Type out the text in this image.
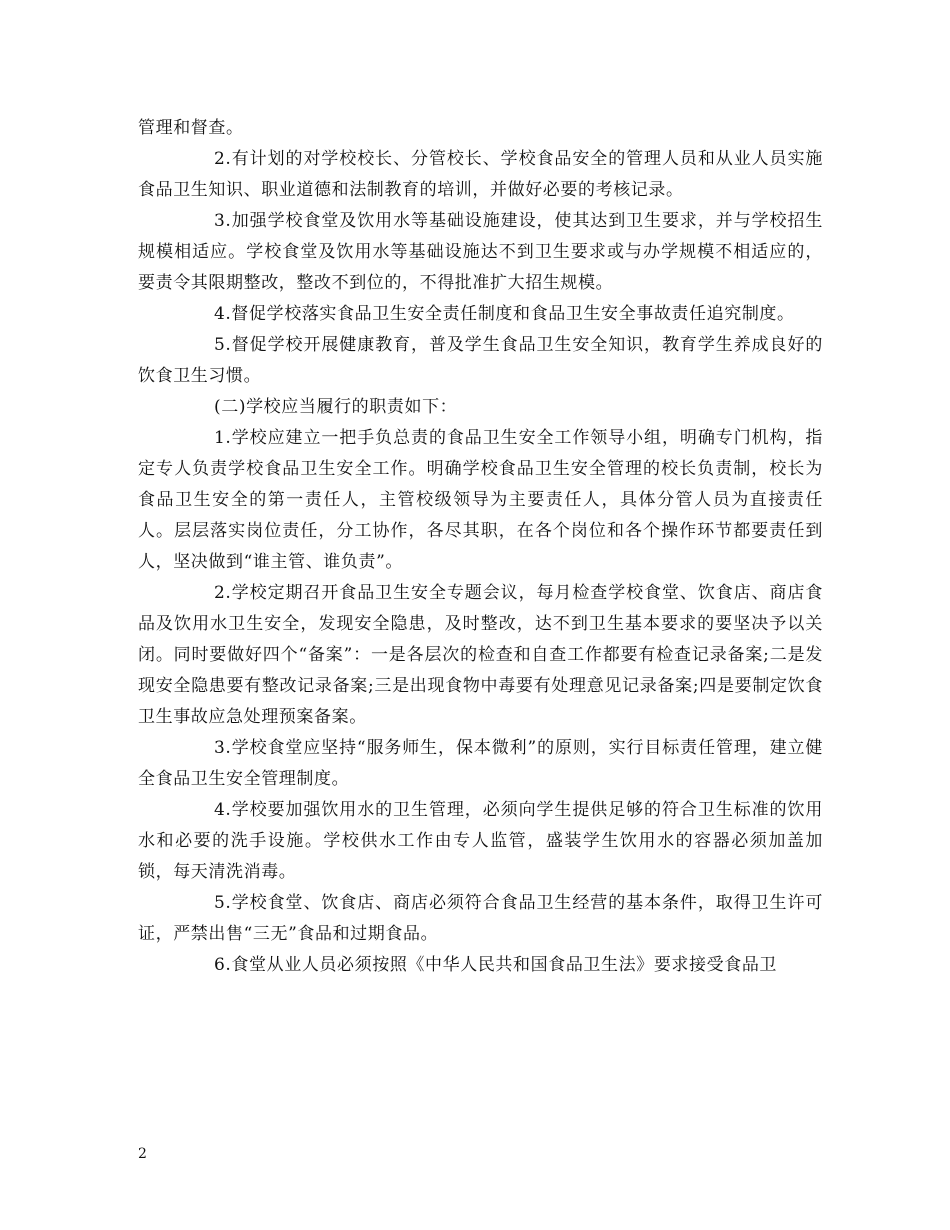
管理和督查。

2.有计划的对学校校长、分管校长、学校食品安全的管理人员和从业人员实施食品卫生知识、职业道德和法制教育的培训，并做好必要的考核记录。

3.加强学校食堂及饮用水等基础设施建设，使其达到卫生要求，并与学校招生规模相适应。学校食堂及饮用水等基础设施达不到卫生要求或与办学规模不相适应的，要责令其限期整改，整改不到位的，不得批准扩大招生规模。

4.督促学校落实食品卫生安全责任制度和食品卫生安全事故责任追究制度。

5.督促学校开展健康教育，普及学生食品卫生安全知识，教育学生养成良好的饮食卫生习惯。

(二)学校应当履行的职责如下：

1.学校应建立一把手负总责的食品卫生安全工作领导小组，明确专门机构，指定专人负责学校食品卫生安全工作。明确学校食品卫生安全管理的校长负责制，校长为食品卫生安全的第一责任人，主管校级领导为主要责任人，具体分管人员为直接责任人。层层落实岗位责任，分工协作，各尽其职，在各个岗位和各个操作环节都要责任到人，坚决做到“谁主管、谁负责”。

2.学校定期召开食品卫生安全专题会议，每月检查学校食堂、饮食店、商店食品及饮用水卫生安全，发现安全隐患，及时整改，达不到卫生基本要求的要坚决予以关闭。同时要做好四个“备案”：一是各层次的检查和自查工作都要有检查记录备案;二是发现安全隐患要有整改记录备案;三是出现食物中毒要有处理意见记录备案;四是要制定饮食卫生事故应急处理预案备案。

3.学校食堂应坚持“服务师生，保本微利”的原则，实行目标责任管理，建立健全食品卫生安全管理制度。

4.学校要加强饮用水的卫生管理，必须向学生提供足够的符合卫生标准的饮用水和必要的洗手设施。学校供水工作由专人监管，盛装学生饮用水的容器必须加盖加锁，每天清洗消毒。

5.学校食堂、饮食店、商店必须符合食品卫生经营的基本条件，取得卫生许可证，严禁出售“三无”食品和过期食品。

6.食堂从业人员必须按照《中华人民共和国食品卫生法》要求接受食品卫

2
